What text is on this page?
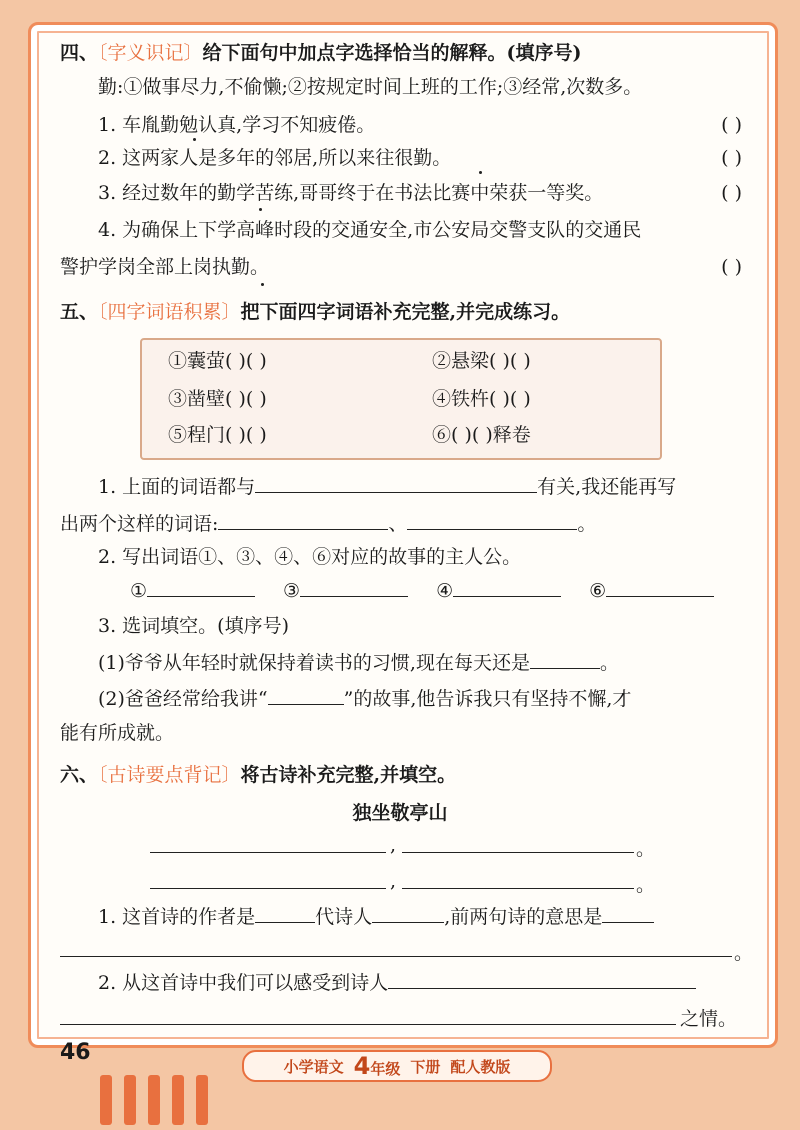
四、〔字义识记〕给下面句中加点字选择恰当的解释。(填序号)
勤:①做事尽力,不偷懒;②按规定时间上班的工作;③经常,次数多。
1. 车胤勤勉认真,学习不知疲倦。	( )
2. 这两家人是多年的邻居,所以来往很勤。	( )
3. 经过数年的勤学苦练,哥哥终于在书法比赛中荣获一等奖。	( )
4. 为确保上下学高峰时段的交通安全,市公安局交警支队的交通民
警护学岗全部上岗执勤。	( )
五、〔四字词语积累〕把下面四字词语补充完整,并完成练习。
①囊萤( )( )	②悬梁( )( )
③凿壁( )( )	④铁杵( )( )
⑤程门( )( )	⑥( )( )释卷
1. 上面的词语都与	有关,我还能再写
出两个这样的词语:	、	。
2. 写出词语①、③、④、⑥对应的故事的主人公。
①	③	④	⑥
3. 选词填空。(填序号)
(1)爷爷从年轻时就保持着读书的习惯,现在每天还是	。
(2)爸爸经常给我讲“	”的故事,他告诉我只有坚持不懈,才
能有所成就。
六、〔古诗要点背记〕将古诗补充完整,并填空。
独坐敬亭山
,	。
,	。
1. 这首诗的作者是	代诗人	,前两句诗的意思是
。
2. 从这首诗中我们可以感受到诗人
之情。
46
小学语文 4年级 下册 配人教版
